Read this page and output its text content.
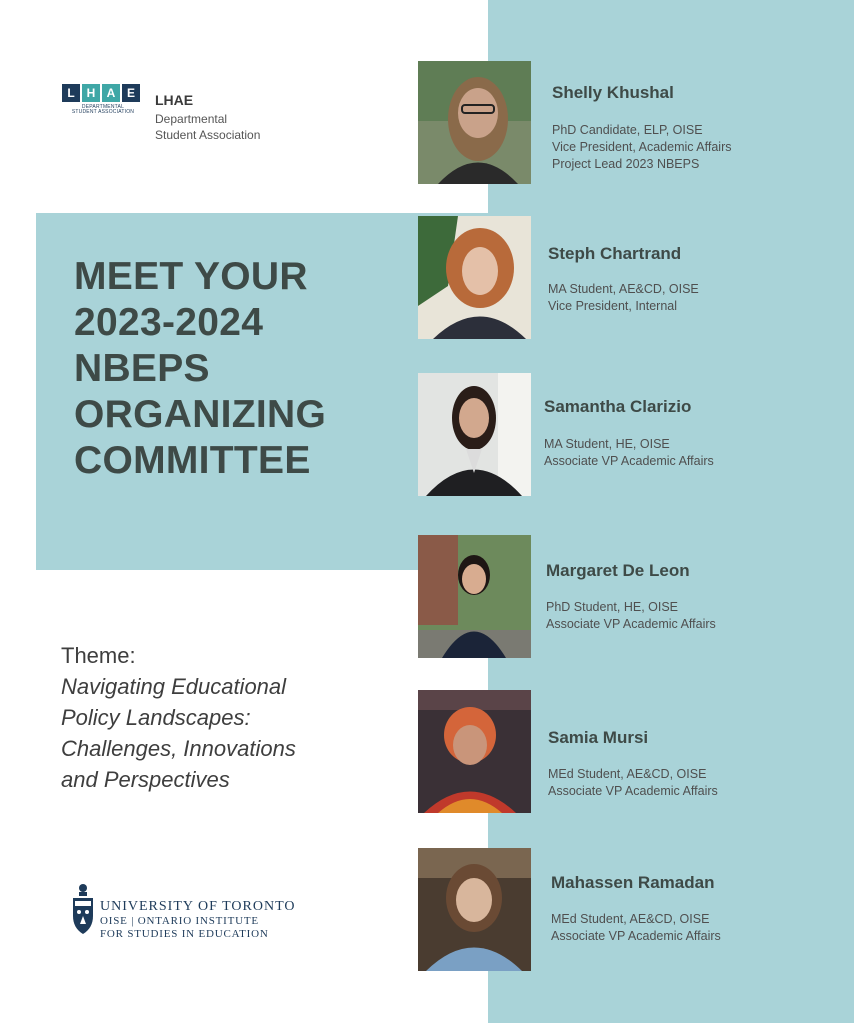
L H A E
DEPARTMENTAL
STUDENT ASSOCIATION
LHAE
Departmental
Student Association
MEET YOUR
2023-2024
NBEPS
ORGANIZING
COMMITTEE
Theme:
Navigating Educational
Policy Landscapes:
Challenges, Innovations
and Perspectives
UNIVERSITY OF TORONTO
OISE | ONTARIO INSTITUTE
FOR STUDIES IN EDUCATION
Shelly Khushal
PhD Candidate, ELP, OISE
Vice President, Academic Affairs
Project Lead 2023 NBEPS
Steph Chartrand
MA Student, AE&CD, OISE
Vice President, Internal
Samantha Clarizio
MA Student, HE, OISE
Associate VP Academic Affairs
Margaret De Leon
PhD Student, HE, OISE
Associate VP Academic Affairs
Samia Mursi
MEd Student, AE&CD, OISE
Associate VP Academic Affairs
Mahassen Ramadan
MEd Student, AE&CD, OISE
Associate VP Academic Affairs
